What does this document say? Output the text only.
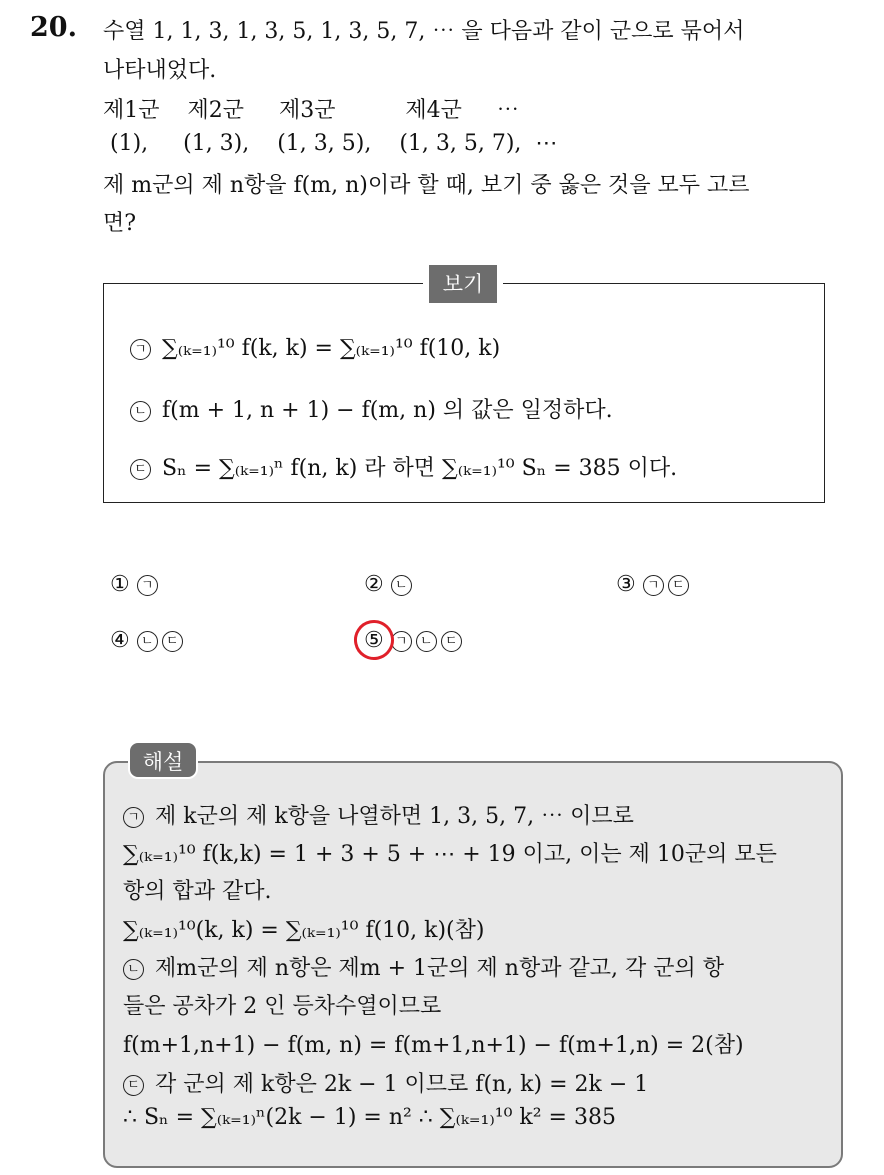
20. 수열 1, 1, 3, 1, 3, 5, 1, 3, 5, 7, ⋯ 을 다음과 같이 군으로 묶어서
나타내었다.
제1군    제2군     제3군          제4군     ⋯
(1),     (1, 3),    (1, 3, 5),    (1, 3, 5, 7),  ⋯
제 m군의 제 n항을 f(m, n)이라 할 때, 보기 중 옳은 것을 모두 고르
면?
보기
ㄱ ∑₍ₖ₌₁₎¹⁰ f(k, k) = ∑₍ₖ₌₁₎¹⁰ f(10, k)
ㄴ f(m + 1, n + 1) − f(m, n) 의 값은 일정하다.
ㄷ Sₙ = ∑₍ₖ₌₁₎ⁿ f(n, k) 라 하면 ∑₍ₖ₌₁₎¹⁰ Sₙ = 385 이다.
① ㄱ	② ㄴ	③ ㄱ ㄷ
④ ㄴ ㄷ	⑤ ㄱ ㄴ ㄷ
해설
ㄱ 제 k군의 제 k항을 나열하면 1, 3, 5, 7, ⋯ 이므로
∑₍ₖ₌₁₎¹⁰ f(k,k) = 1 + 3 + 5 + ⋯ + 19 이고, 이는 제 10군의 모든
항의 합과 같다.
∑₍ₖ₌₁₎¹⁰(k, k) = ∑₍ₖ₌₁₎¹⁰ f(10, k)(참)
ㄴ 제m군의 제 n항은 제m + 1군의 제 n항과 같고, 각 군의 항
들은 공차가 2 인 등차수열이므로
f(m+1,n+1) − f(m, n) = f(m+1,n+1) − f(m+1,n) = 2(참)
ㄷ 각 군의 제 k항은 2k − 1 이므로 f(n, k) = 2k − 1
∴ Sₙ = ∑₍ₖ₌₁₎ⁿ(2k − 1) = n² ∴ ∑₍ₖ₌₁₎¹⁰ k² = 385
